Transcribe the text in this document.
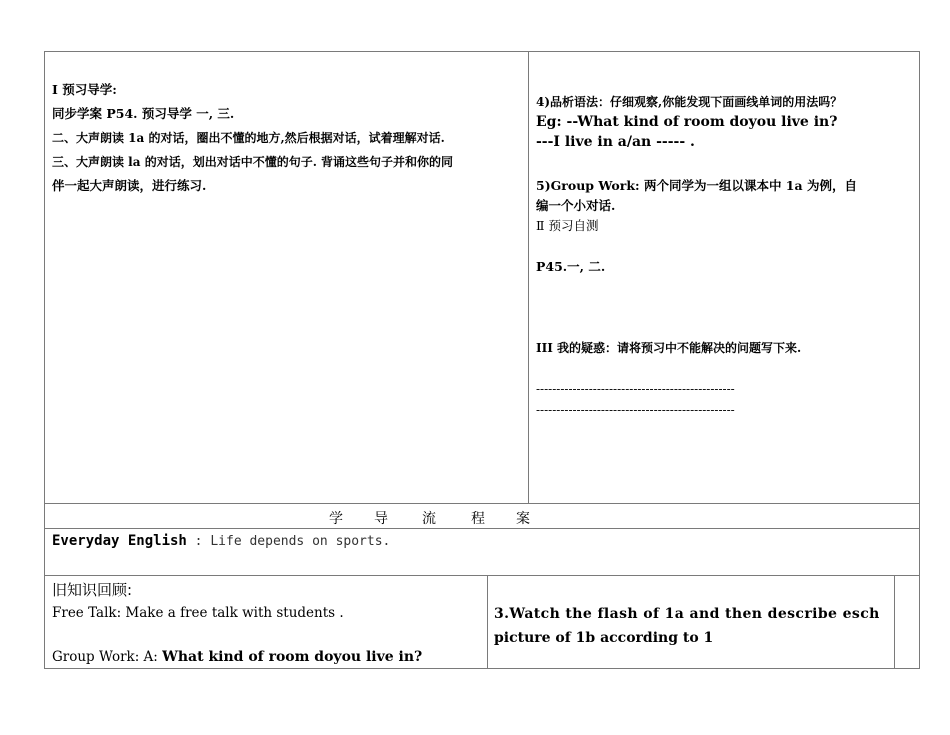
I 预习导学:

同步学案 P54. 预习导学 一, 三.

二、大声朗读 1a 的对话，圈出不懂的地方,然后根据对话，试着理解对话.

三、大声朗读 la 的对话，划出对话中不懂的句子. 背诵这些句子并和你的同

伴一起大声朗读，进行练习.

4)品析语法：仔细观察,你能发现下面画线单词的用法吗？

Eg: --What kind of room doyou live in?

---I live in a/an ----- .

5)Group Work: 两个同学为一组以课本中 1a 为例，自

编一个小对话.

Ⅱ 预习自测

P45.一, 二.

III 我的疑惑：请将预习中不能解决的问题写下来.

-------------------------------------------------

-------------------------------------------------

学 导 流	程 案
Everyday English : Life depends on sports.

旧知识回顾:

Free Talk: Make a free talk with students .

Group Work: A: What kind of room doyou live in?

3.Watch the flash of 1a and then describe esch

picture of 1b according to 1
